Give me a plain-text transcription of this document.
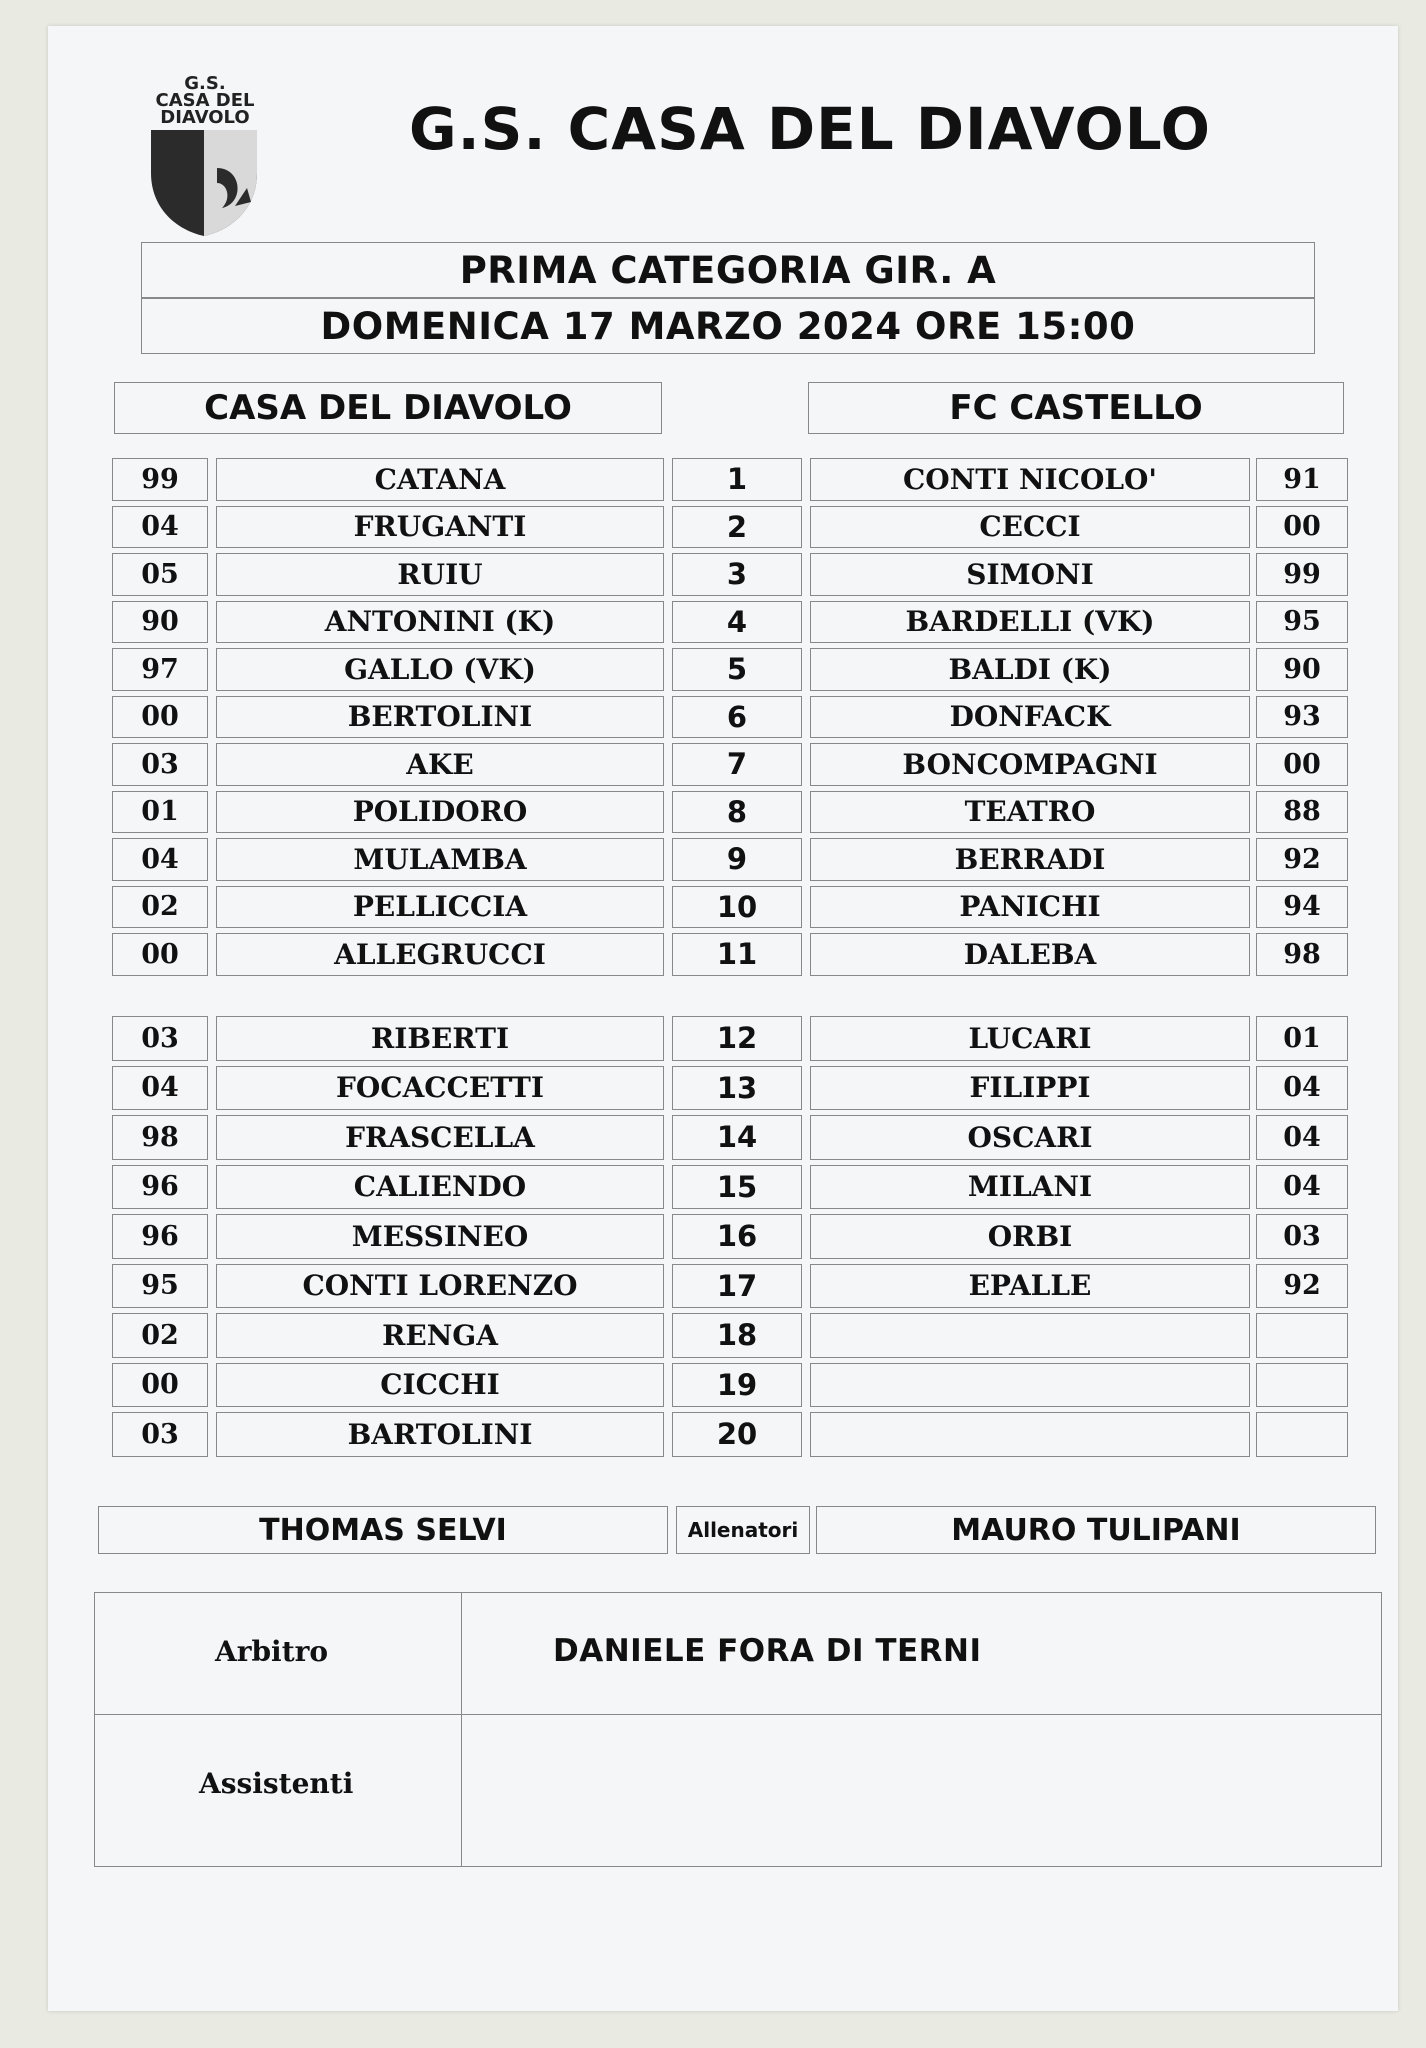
G.S.
CASA DEL
DIAVOLO	G.S. CASA DEL DIAVOLO
PRIMA CATEGORIA GIR. A
DOMENICA 17 MARZO 2024 ORE 15:00
CASA DEL DIAVOLO	FC CASTELLO
99	CATANA	1	CONTI NICOLO'	91
04	FRUGANTI	2	CECCI	00
05	RUIU	3	SIMONI	99
90	ANTONINI (K)	4	BARDELLI (VK)	95
97	GALLO (VK)	5	BALDI (K)	90
00	BERTOLINI	6	DONFACK	93
03	AKE	7	BONCOMPAGNI	00
01	POLIDORO	8	TEATRO	88
04	MULAMBA	9	BERRADI	92
02	PELLICCIA	10	PANICHI	94
00	ALLEGRUCCI	11	DALEBA	98
03	RIBERTI	12	LUCARI	01
04	FOCACCETTI	13	FILIPPI	04
98	FRASCELLA	14	OSCARI	04
96	CALIENDO	15	MILANI	04
96	MESSINEO	16	ORBI	03
95	CONTI LORENZO	17	EPALLE	92
02	RENGA	18
00	CICCHI	19
03	BARTOLINI	20
THOMAS SELVI	Allenatori	MAURO TULIPANI
Arbitro	DANIELE FORA DI TERNI
Assistenti
